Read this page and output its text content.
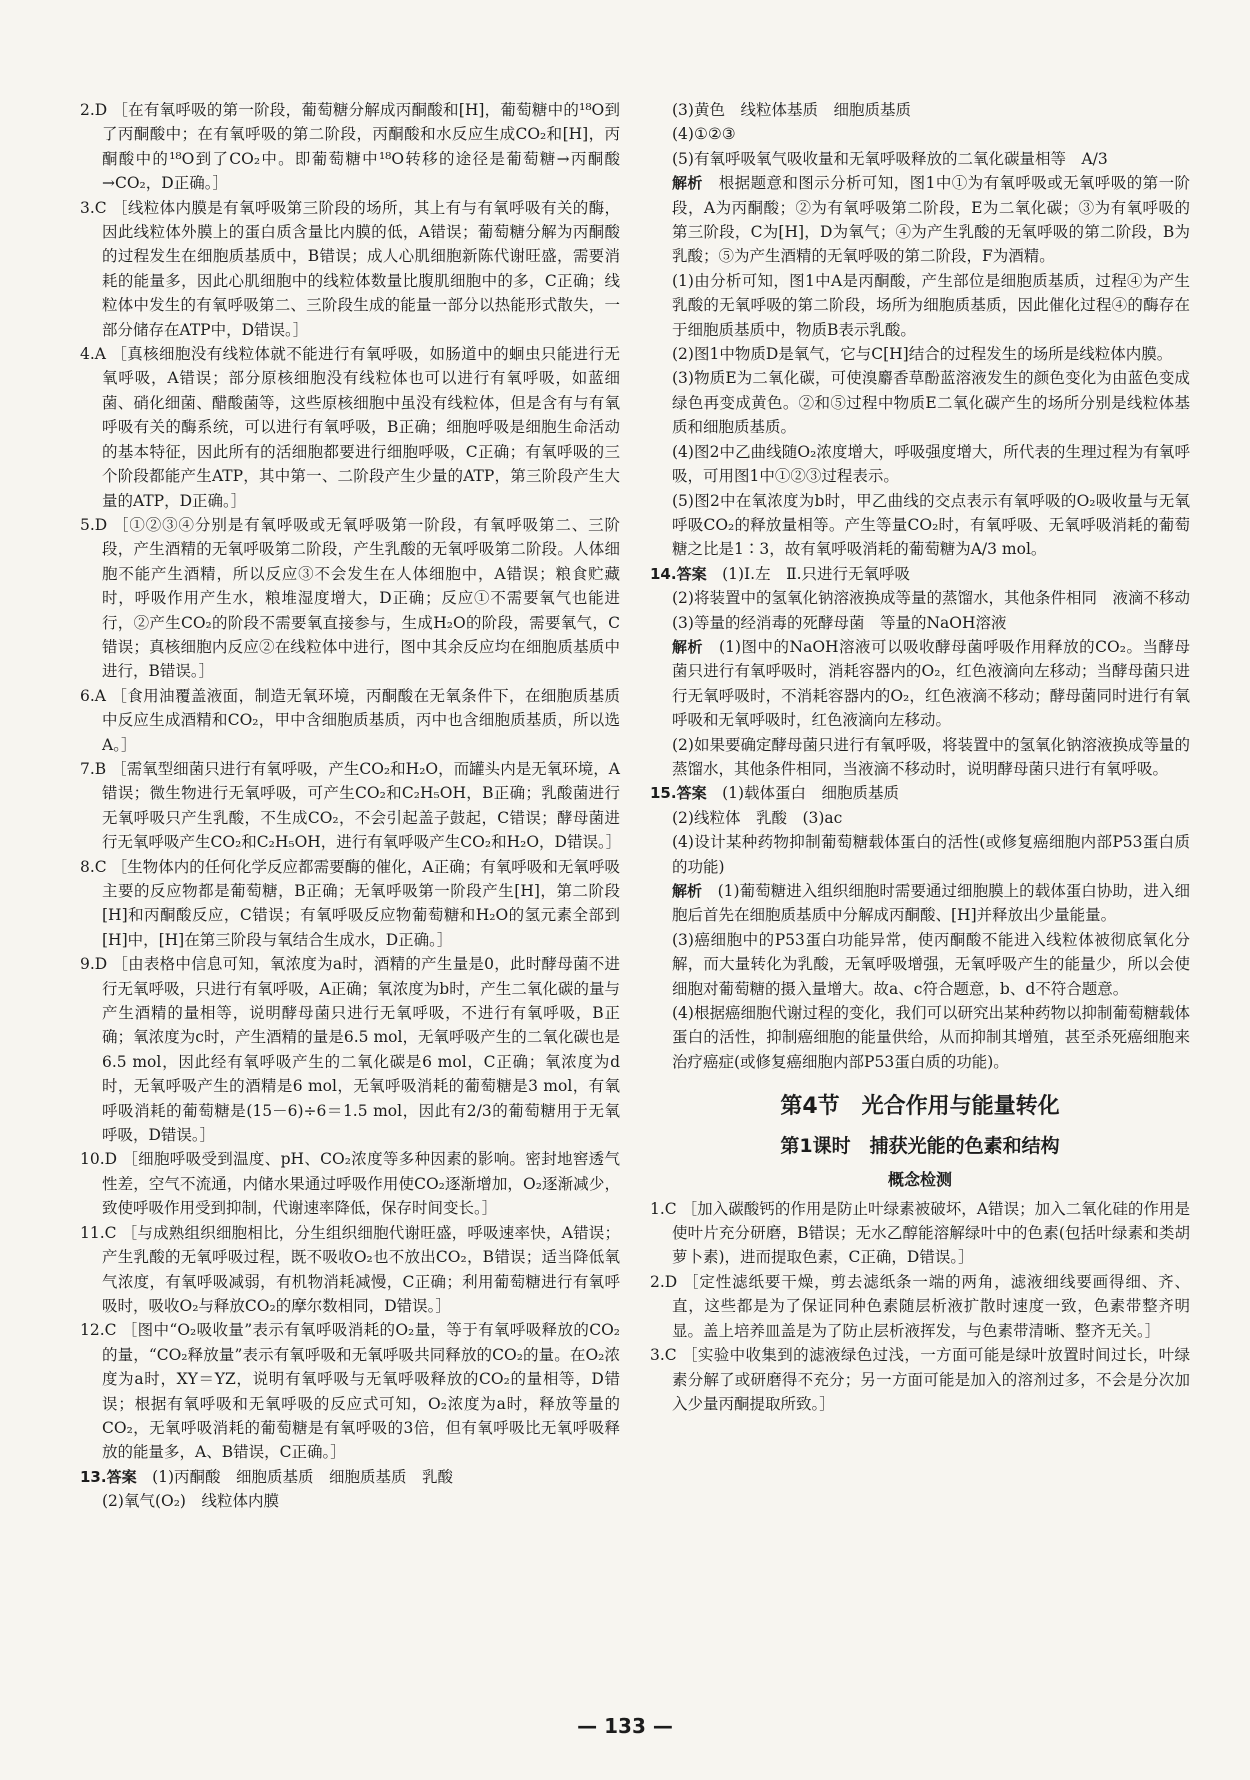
2.D ［在有氧呼吸的第一阶段，葡萄糖分解成丙酮酸和[H]，葡萄糖中的¹⁸O到了丙酮酸中；在有氧呼吸的第二阶段，丙酮酸和水反应生成CO₂和[H]，丙酮酸中的¹⁸O到了CO₂中。即葡萄糖中¹⁸O转移的途径是葡萄糖→丙酮酸→CO₂，D正确。］
3.C ［线粒体内膜是有氧呼吸第三阶段的场所，其上有与有氧呼吸有关的酶，因此线粒体外膜上的蛋白质含量比内膜的低，A错误；葡萄糖分解为丙酮酸的过程发生在细胞质基质中，B错误；成人心肌细胞新陈代谢旺盛，需要消耗的能量多，因此心肌细胞中的线粒体数量比腹肌细胞中的多，C正确；线粒体中发生的有氧呼吸第二、三阶段生成的能量一部分以热能形式散失，一部分储存在ATP中，D错误。］
4.A ［真核细胞没有线粒体就不能进行有氧呼吸，如肠道中的蛔虫只能进行无氧呼吸，A错误；部分原核细胞没有线粒体也可以进行有氧呼吸，如蓝细菌、硝化细菌、醋酸菌等，这些原核细胞中虽没有线粒体，但是含有与有氧呼吸有关的酶系统，可以进行有氧呼吸，B正确；细胞呼吸是细胞生命活动的基本特征，因此所有的活细胞都要进行细胞呼吸，C正确；有氧呼吸的三个阶段都能产生ATP，其中第一、二阶段产生少量的ATP，第三阶段产生大量的ATP，D正确。］
5.D ［①②③④分别是有氧呼吸或无氧呼吸第一阶段，有氧呼吸第二、三阶段，产生酒精的无氧呼吸第二阶段，产生乳酸的无氧呼吸第二阶段。人体细胞不能产生酒精，所以反应③不会发生在人体细胞中，A错误；粮食贮藏时，呼吸作用产生水，粮堆湿度增大，D正确；反应①不需要氧气也能进行，②产生CO₂的阶段不需要氧直接参与，生成H₂O的阶段，需要氧气，C错误；真核细胞内反应②在线粒体中进行，图中其余反应均在细胞质基质中进行，B错误。］
6.A ［食用油覆盖液面，制造无氧环境，丙酮酸在无氧条件下，在细胞质基质中反应生成酒精和CO₂，甲中含细胞质基质，丙中也含细胞质基质，所以选A。］
7.B ［需氧型细菌只进行有氧呼吸，产生CO₂和H₂O，而罐头内是无氧环境，A错误；微生物进行无氧呼吸，可产生CO₂和C₂H₅OH，B正确；乳酸菌进行无氧呼吸只产生乳酸，不生成CO₂，不会引起盖子鼓起，C错误；酵母菌进行无氧呼吸产生CO₂和C₂H₅OH，进行有氧呼吸产生CO₂和H₂O，D错误。］
8.C ［生物体内的任何化学反应都需要酶的催化，A正确；有氧呼吸和无氧呼吸主要的反应物都是葡萄糖，B正确；无氧呼吸第一阶段产生[H]，第二阶段[H]和丙酮酸反应，C错误；有氧呼吸反应物葡萄糖和H₂O的氢元素全部到[H]中，[H]在第三阶段与氧结合生成水，D正确。］
9.D ［由表格中信息可知，氧浓度为a时，酒精的产生量是0，此时酵母菌不进行无氧呼吸，只进行有氧呼吸，A正确；氧浓度为b时，产生二氧化碳的量与产生酒精的量相等，说明酵母菌只进行无氧呼吸，不进行有氧呼吸，B正确；氧浓度为c时，产生酒精的量是6.5 mol，无氧呼吸产生的二氧化碳也是6.5 mol，因此经有氧呼吸产生的二氧化碳是6 mol，C正确；氧浓度为d时，无氧呼吸产生的酒精是6 mol，无氧呼吸消耗的葡萄糖是3 mol，有氧呼吸消耗的葡萄糖是(15－6)÷6＝1.5 mol，因此有2/3的葡萄糖用于无氧呼吸，D错误。］
10.D ［细胞呼吸受到温度、pH、CO₂浓度等多种因素的影响。密封地窖透气性差，空气不流通，内储水果通过呼吸作用使CO₂逐渐增加，O₂逐渐减少，致使呼吸作用受到抑制，代谢速率降低，保存时间变长。］
11.C ［与成熟组织细胞相比，分生组织细胞代谢旺盛，呼吸速率快，A错误；产生乳酸的无氧呼吸过程，既不吸收O₂也不放出CO₂，B错误；适当降低氧气浓度，有氧呼吸减弱，有机物消耗减慢，C正确；利用葡萄糖进行有氧呼吸时，吸收O₂与释放CO₂的摩尔数相同，D错误。］
12.C ［图中“O₂吸收量”表示有氧呼吸消耗的O₂量，等于有氧呼吸释放的CO₂的量，“CO₂释放量”表示有氧呼吸和无氧呼吸共同释放的CO₂的量。在O₂浓度为a时，XY＝YZ，说明有氧呼吸与无氧呼吸释放的CO₂的量相等，D错误；根据有氧呼吸和无氧呼吸的反应式可知，O₂浓度为a时，释放等量的CO₂，无氧呼吸消耗的葡萄糖是有氧呼吸的3倍，但有氧呼吸比无氧呼吸释放的能量多，A、B错误，C正确。］
13.答案　 (1)丙酮酸　细胞质基质　细胞质基质　乳酸
(2)氧气(O₂)　线粒体内膜
(3)黄色　线粒体基质　细胞质基质
(4)①②③
(5)有氧呼吸氧气吸收量和无氧呼吸释放的二氧化碳量相等　A/3
解析　 根据题意和图示分析可知，图1中①为有氧呼吸或无氧呼吸的第一阶段，A为丙酮酸；②为有氧呼吸第二阶段，E为二氧化碳；③为有氧呼吸的第三阶段，C为[H]，D为氧气；④为产生乳酸的无氧呼吸的第二阶段，B为乳酸；⑤为产生酒精的无氧呼吸的第二阶段，F为酒精。
(1)由分析可知，图1中A是丙酮酸，产生部位是细胞质基质，过程④为产生乳酸的无氧呼吸的第二阶段，场所为细胞质基质，因此催化过程④的酶存在于细胞质基质中，物质B表示乳酸。
(2)图1中物质D是氧气，它与C[H]结合的过程发生的场所是线粒体内膜。
(3)物质E为二氧化碳，可使溴麝香草酚蓝溶液发生的颜色变化为由蓝色变成绿色再变成黄色。②和⑤过程中物质E二氧化碳产生的场所分别是线粒体基质和细胞质基质。
(4)图2中乙曲线随O₂浓度增大，呼吸强度增大，所代表的生理过程为有氧呼吸，可用图1中①②③过程表示。
(5)图2中在氧浓度为b时，甲乙曲线的交点表示有氧呼吸的O₂吸收量与无氧呼吸CO₂的释放量相等。产生等量CO₂时，有氧呼吸、无氧呼吸消耗的葡萄糖之比是1∶3，故有氧呼吸消耗的葡萄糖为A/3 mol。
14.答案　 (1)Ⅰ.左　Ⅱ.只进行无氧呼吸
(2)将装置中的氢氧化钠溶液换成等量的蒸馏水，其他条件相同　液滴不移动
(3)等量的经消毒的死酵母菌　等量的NaOH溶液
解析　 (1)图中的NaOH溶液可以吸收酵母菌呼吸作用释放的CO₂。当酵母菌只进行有氧呼吸时，消耗容器内的O₂，红色液滴向左移动；当酵母菌只进行无氧呼吸时，不消耗容器内的O₂，红色液滴不移动；酵母菌同时进行有氧呼吸和无氧呼吸时，红色液滴向左移动。
(2)如果要确定酵母菌只进行有氧呼吸，将装置中的氢氧化钠溶液换成等量的蒸馏水，其他条件相同，当液滴不移动时，说明酵母菌只进行有氧呼吸。
15.答案　 (1)载体蛋白　细胞质基质
(2)线粒体　乳酸　(3)ac
(4)设计某种药物抑制葡萄糖载体蛋白的活性(或修复癌细胞内部P53蛋白质的功能)
解析　 (1)葡萄糖进入组织细胞时需要通过细胞膜上的载体蛋白协助，进入细胞后首先在细胞质基质中分解成丙酮酸、[H]并释放出少量能量。
(3)癌细胞中的P53蛋白功能异常，使丙酮酸不能进入线粒体被彻底氧化分解，而大量转化为乳酸，无氧呼吸增强，无氧呼吸产生的能量少，所以会使细胞对葡萄糖的摄入量增大。故a、c符合题意，b、d不符合题意。
(4)根据癌细胞代谢过程的变化，我们可以研究出某种药物以抑制葡萄糖载体蛋白的活性，抑制癌细胞的能量供给，从而抑制其增殖，甚至杀死癌细胞来治疗癌症(或修复癌细胞内部P53蛋白质的功能)。
第4节　光合作用与能量转化
第1课时　捕获光能的色素和结构
概念检测
1.C ［加入碳酸钙的作用是防止叶绿素被破坏，A错误；加入二氧化硅的作用是使叶片充分研磨，B错误；无水乙醇能溶解绿叶中的色素(包括叶绿素和类胡萝卜素)，进而提取色素，C正确，D错误。］
2.D ［定性滤纸要干燥，剪去滤纸条一端的两角，滤液细线要画得细、齐、直，这些都是为了保证同种色素随层析液扩散时速度一致，色素带整齐明显。盖上培养皿盖是为了防止层析液挥发，与色素带清晰、整齐无关。］
3.C ［实验中收集到的滤液绿色过浅，一方面可能是绿叶放置时间过长，叶绿素分解了或研磨得不充分；另一方面可能是加入的溶剂过多，不会是分次加入少量丙酮提取所致。］
— 133 —
